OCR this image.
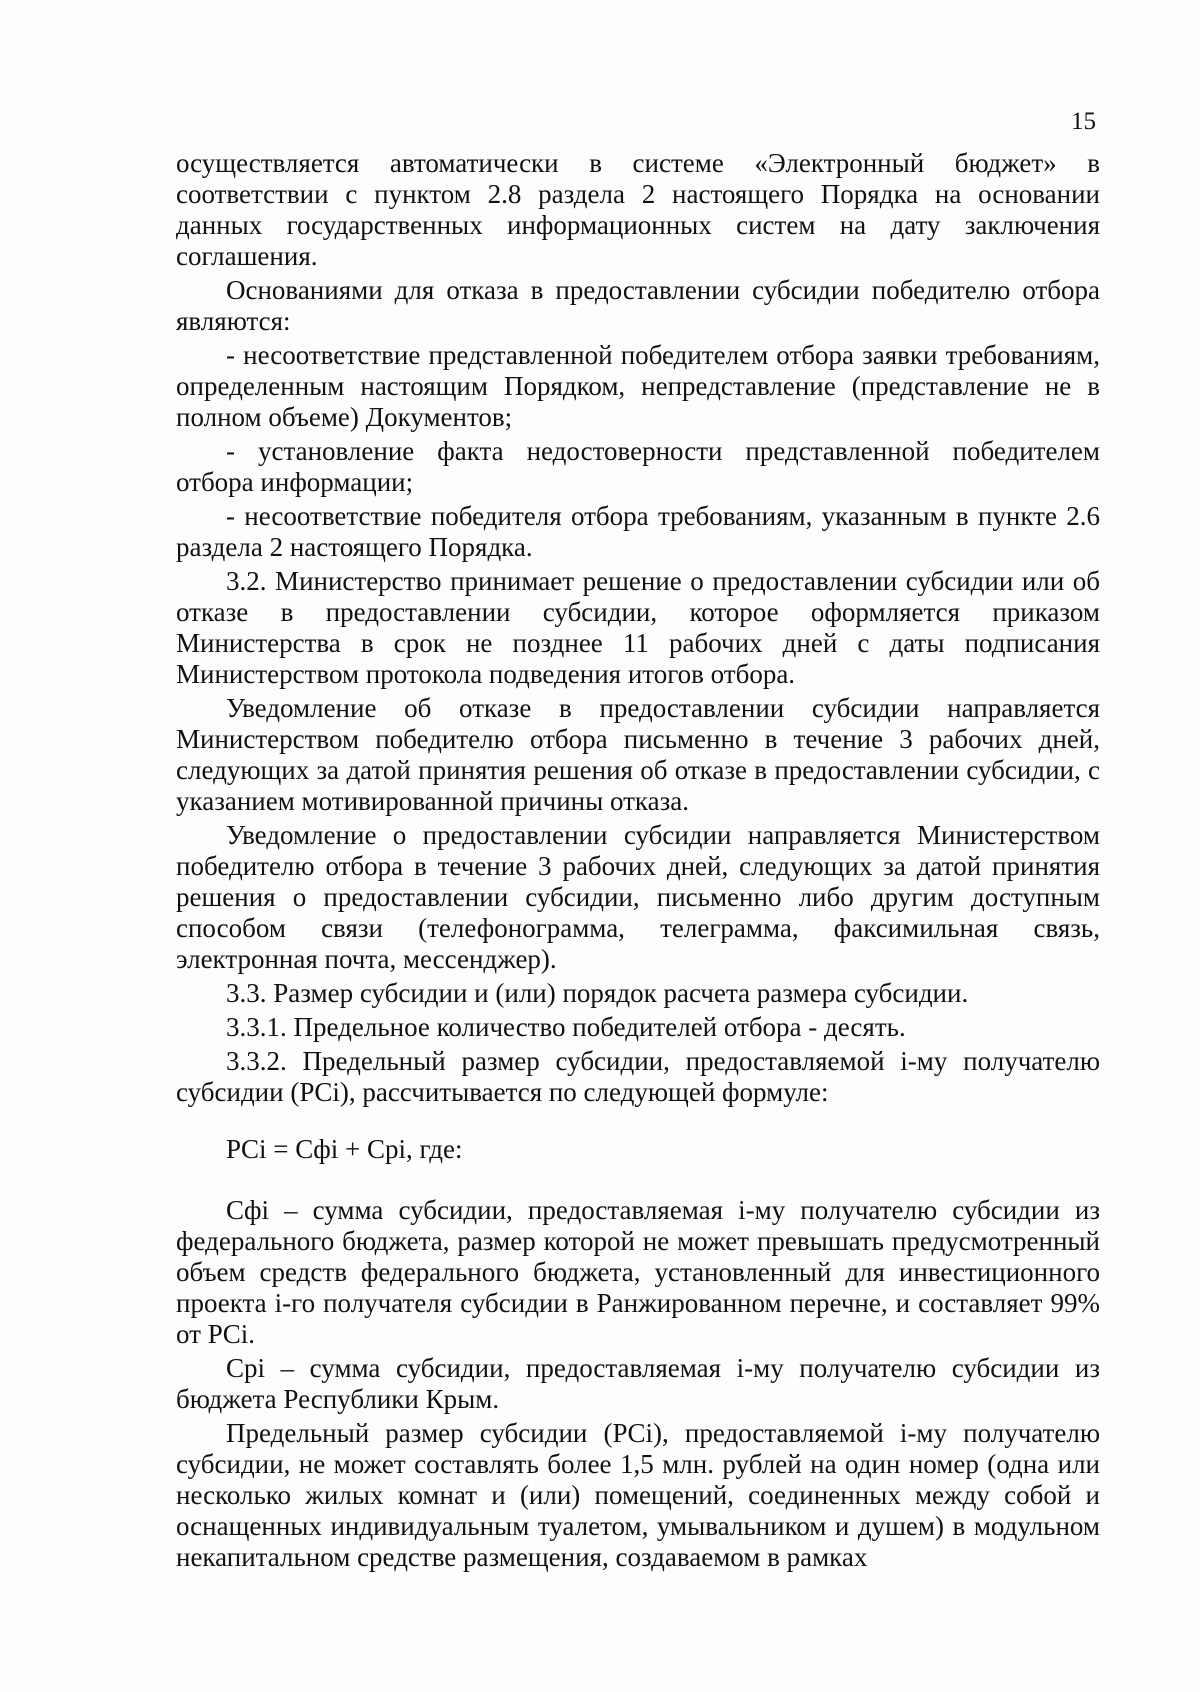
15

осуществляется автоматически в системе «Электронный бюджет» в соответствии с пунктом 2.8 раздела 2 настоящего Порядка на основании данных государственных информационных систем на дату заключения соглашения.

Основаниями для отказа в предоставлении субсидии победителю отбора являются:

- несоответствие представленной победителем отбора заявки требованиям, определенным настоящим Порядком, непредставление (представление не в полном объеме) Документов;

- установление факта недостоверности представленной победителем отбора информации;

- несоответствие победителя отбора требованиям, указанным в пункте 2.6 раздела 2 настоящего Порядка.

3.2. Министерство принимает решение о предоставлении субсидии или об отказе в предоставлении субсидии, которое оформляется приказом Министерства в срок не позднее 11 рабочих дней с даты подписания Министерством протокола подведения итогов отбора.

Уведомление об отказе в предоставлении субсидии направляется Министерством победителю отбора письменно в течение 3 рабочих дней, следующих за датой принятия решения об отказе в предоставлении субсидии, с указанием мотивированной причины отказа.

Уведомление о предоставлении субсидии направляется Министерством победителю отбора в течение 3 рабочих дней, следующих за датой принятия решения о предоставлении субсидии, письменно либо другим доступным способом связи (телефонограмма, телеграмма, факсимильная связь, электронная почта, мессенджер).

3.3. Размер субсидии и (или) порядок расчета размера субсидии.

3.3.1. Предельное количество победителей отбора - десять.

3.3.2. Предельный размер субсидии, предоставляемой i-му получателю субсидии (PCi), рассчитывается по следующей формуле:

PCi = Сфi + Срi, где:

Сфi – сумма субсидии, предоставляемая i-му получателю субсидии из федерального бюджета, размер которой не может превышать предусмотренный объем средств федерального бюджета, установленный для инвестиционного проекта i-го получателя субсидии в Ранжированном перечне, и составляет 99% от PCi.

Срi – сумма субсидии, предоставляемая i-му получателю субсидии из бюджета Республики Крым.

Предельный размер субсидии (PCi), предоставляемой i-му получателю субсидии, не может составлять более 1,5 млн. рублей на один номер (одна или несколько жилых комнат и (или) помещений, соединенных между собой и оснащенных индивидуальным туалетом, умывальником и душем) в модульном некапитальном средстве размещения, создаваемом в рамках
